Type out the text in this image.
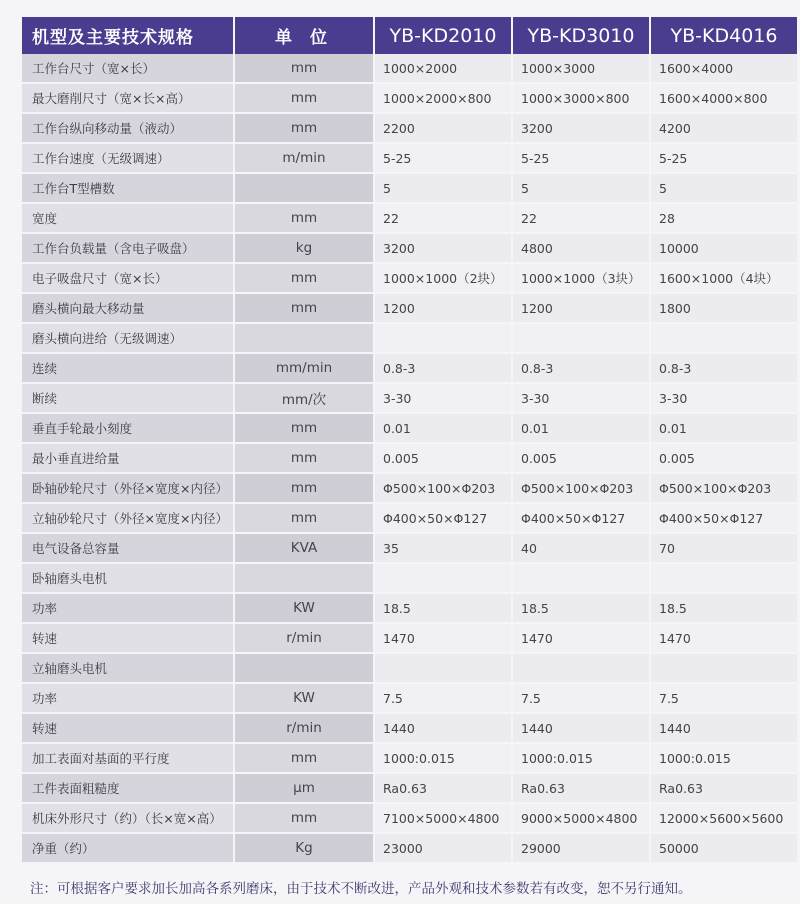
机型及主要技术规格	单 位	YB-KD2010	YB-KD3010	YB-KD4016
工作台尺寸（宽×长）	mm	1000×2000	1000×3000	1600×4000
最大磨削尺寸（宽×长×高）	mm	1000×2000×800	1000×3000×800	1600×4000×800
工作台纵向移动量（液动）	mm	2200	3200	4200
工作台速度（无级调速）	m/min	5-25	5-25	5-25
工作台T型槽数		5	5	5
宽度	mm	22	22	28
工作台负载量（含电子吸盘）	kg	3200	4800	10000
电子吸盘尺寸（宽×长）	mm	1000×1000（2块）	1000×1000（3块）	1600×1000（4块）
磨头横向最大移动量	mm	1200	1200	1800
磨头横向进给（无级调速）				
连续	mm/min	0.8-3	0.8-3	0.8-3
断续	mm/次	3-30	3-30	3-30
垂直手轮最小刻度	mm	0.01	0.01	0.01
最小垂直进给量	mm	0.005	0.005	0.005
卧轴砂轮尺寸（外径×宽度×内径）	mm	Φ500×100×Φ203	Φ500×100×Φ203	Φ500×100×Φ203
立轴砂轮尺寸（外径×宽度×内径）	mm	Φ400×50×Φ127	Φ400×50×Φ127	Φ400×50×Φ127
电气设备总容量	KVA	35	40	70
卧轴磨头电机				
功率	KW	18.5	18.5	18.5
转速	r/min	1470	1470	1470
立轴磨头电机				
功率	KW	7.5	7.5	7.5
转速	r/min	1440	1440	1440
加工表面对基面的平行度	mm	1000:0.015	1000:0.015	1000:0.015
工件表面粗糙度	μm	Ra0.63	Ra0.63	Ra0.63
机床外形尺寸（约）（长×宽×高）	mm	7100×5000×4800	9000×5000×4800	12000×5600×5600
净重（约）	Kg	23000	29000	50000
注：可根据客户要求加长加高各系列磨床，由于技术不断改进，产品外观和技术参数若有改变，恕不另行通知。
